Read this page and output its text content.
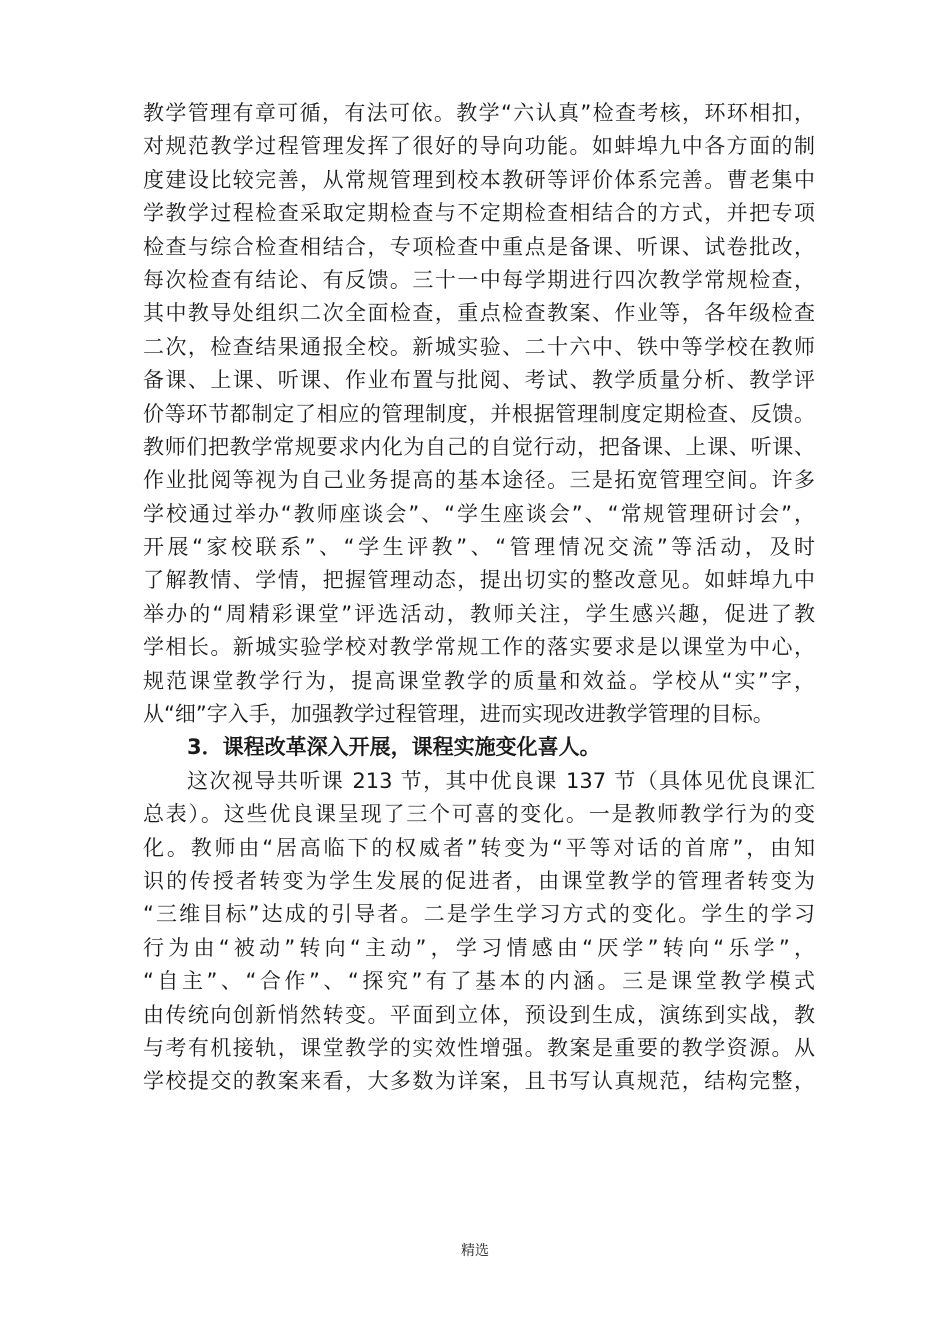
教学管理有章可循，有法可依。教学“六认真”检查考核，环环相扣，
对规范教学过程管理发挥了很好的导向功能。如蚌埠九中各方面的制
度建设比较完善，从常规管理到校本教研等评价体系完善。曹老集中
学教学过程检查采取定期检查与不定期检查相结合的方式，并把专项
检查与综合检查相结合，专项检查中重点是备课、听课、试卷批改，
每次检查有结论、有反馈。三十一中每学期进行四次教学常规检查，
其中教导处组织二次全面检查，重点检查教案、作业等，各年级检查
二次，检查结果通报全校。新城实验、二十六中、铁中等学校在教师
备课、上课、听课、作业布置与批阅、考试、教学质量分析、教学评
价等环节都制定了相应的管理制度，并根据管理制度定期检查、反馈。
教师们把教学常规要求内化为自己的自觉行动，把备课、上课、听课、
作业批阅等视为自己业务提高的基本途径。三是拓宽管理空间。许多
学校通过举办“教师座谈会”、“学生座谈会”、“常规管理研讨会”，
开展“家校联系”、“学生评教”、“管理情况交流”等活动，及时
了解教情、学情，把握管理动态，提出切实的整改意见。如蚌埠九中
举办的“周精彩课堂”评选活动，教师关注，学生感兴趣，促进了教
学相长。新城实验学校对教学常规工作的落实要求是以课堂为中心，
规范课堂教学行为，提高课堂教学的质量和效益。学校从“实”字，
从“细”字入手，加强教学过程管理，进而实现改进教学管理的目标。
3．课程改革深入开展，课程实施变化喜人。
这次视导共听课 213 节，其中优良课 137 节（具体见优良课汇
总表）。这些优良课呈现了三个可喜的变化。一是教师教学行为的变
化。教师由“居高临下的权威者”转变为“平等对话的首席”，由知
识的传授者转变为学生发展的促进者，由课堂教学的管理者转变为
“三维目标”达成的引导者。二是学生学习方式的变化。学生的学习
行为由“被动”转向“主动”，学习情感由“厌学”转向“乐学”，
“自主”、“合作”、“探究”有了基本的内涵。三是课堂教学模式
由传统向创新悄然转变。平面到立体，预设到生成，演练到实战，教
与考有机接轨，课堂教学的实效性增强。教案是重要的教学资源。从
学校提交的教案来看，大多数为详案，且书写认真规范，结构完整，
精选
